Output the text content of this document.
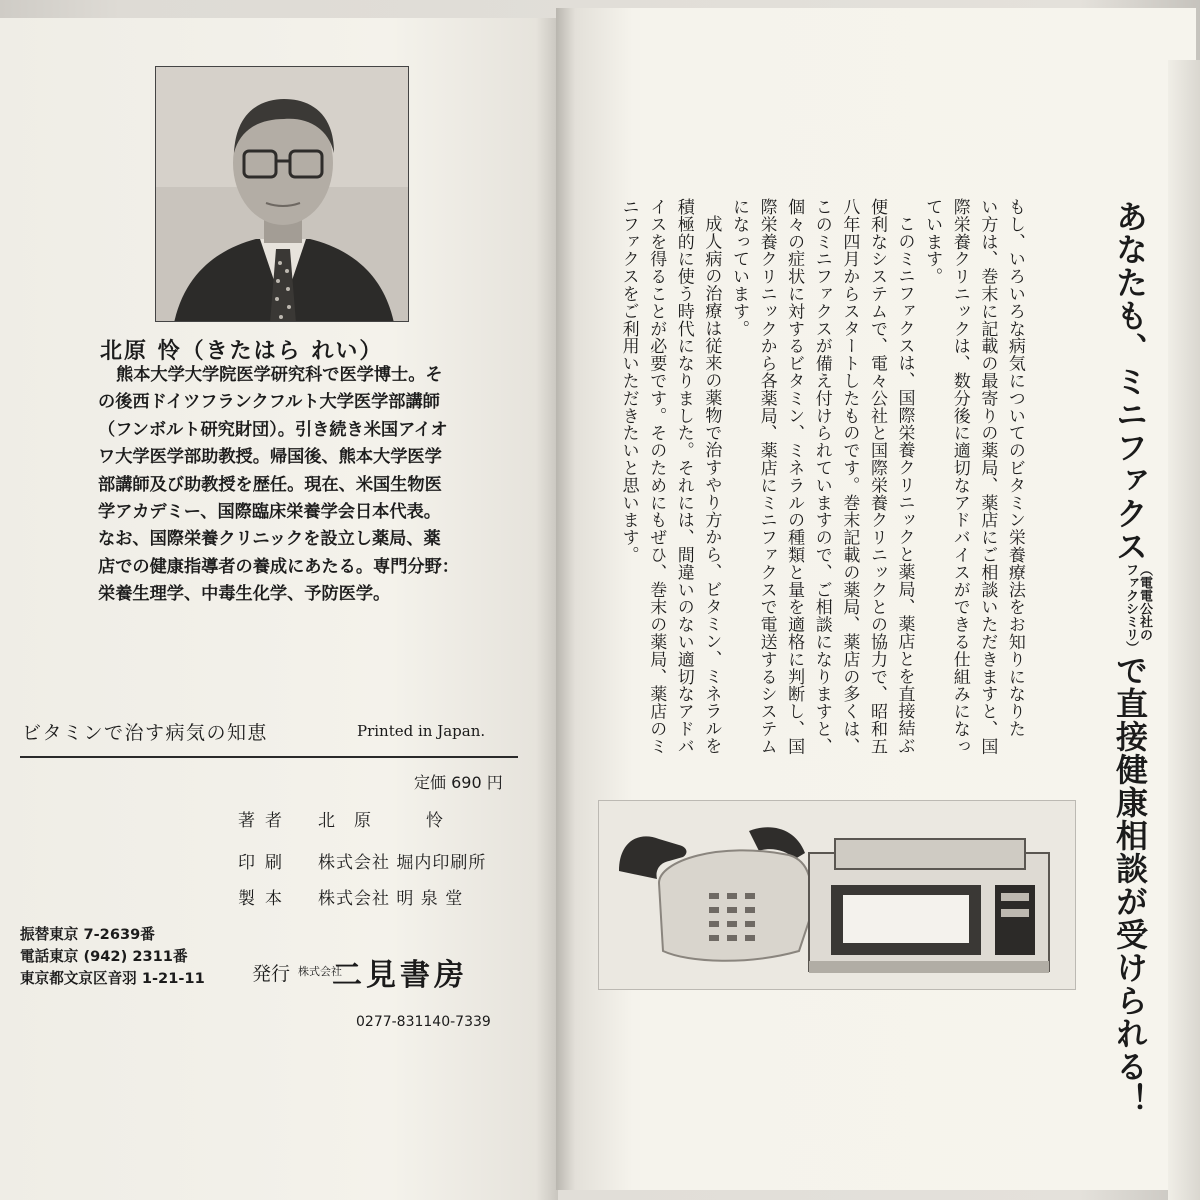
北原 怜（きたはら れい）

熊本大学大学院医学研究科で医学博士。そ

の後西ドイツフランクフルト大学医学部講師

（フンボルト研究財団）。引き続き米国アイオ

ワ大学医学部助教授。帰国後、熊本大学医学

部講師及び助教授を歴任。現在、米国生物医

学アカデミー、国際臨床栄養学会日本代表。

なお、国際栄養クリニックを設立し薬局、薬

店での健康指導者の養成にあたる。専門分野：

栄養生理学、中毒生化学、予防医学。

ビタミンで治す病気の知恵	Printed in Japan.
定価 690 円
著者	北　原　　　怜
印刷	株式会社 堀内印刷所
製本	株式会社 明 泉 堂
振替東京 7‐2639番
電話東京 (942) 2311番
東京都文京区音羽 1‐21‐11 発行 株式会社
二見書房
0277-831140-7339
あなたも、ミニファクス（電電公社の
ファクシミリ）で直接健康相談が受けられる！

もし、いろいろな病気についてのビタミン栄養療法をお知りになりた

い方は、巻末に記載の最寄りの薬局、薬店にご相談いただきますと、国

際栄養クリニックは、数分後に適切なアドバイスができる仕組みになっ

ています。

このミニファクスは、国際栄養クリニックと薬局、薬店とを直接結ぶ

便利なシステムで、電々公社と国際栄養クリニックとの協力で、昭和五

八年四月からスタートしたものです。巻末記載の薬局、薬店の多くは、

このミニファクスが備え付けられていますので、ご相談になりますと、

個々の症状に対するビタミン、ミネラルの種類と量を適格に判断し、国

際栄養クリニックから各薬局、薬店にミニファクスで電送するシステム

になっています。

成人病の治療は従来の薬物で治すやり方から、ビタミン、ミネラルを

積極的に使う時代になりました。それには、間違いのない適切なアドバ

イスを得ることが必要です。そのためにもぜひ、巻末の薬局、薬店のミ

ニファクスをご利用いただきたいと思います。
